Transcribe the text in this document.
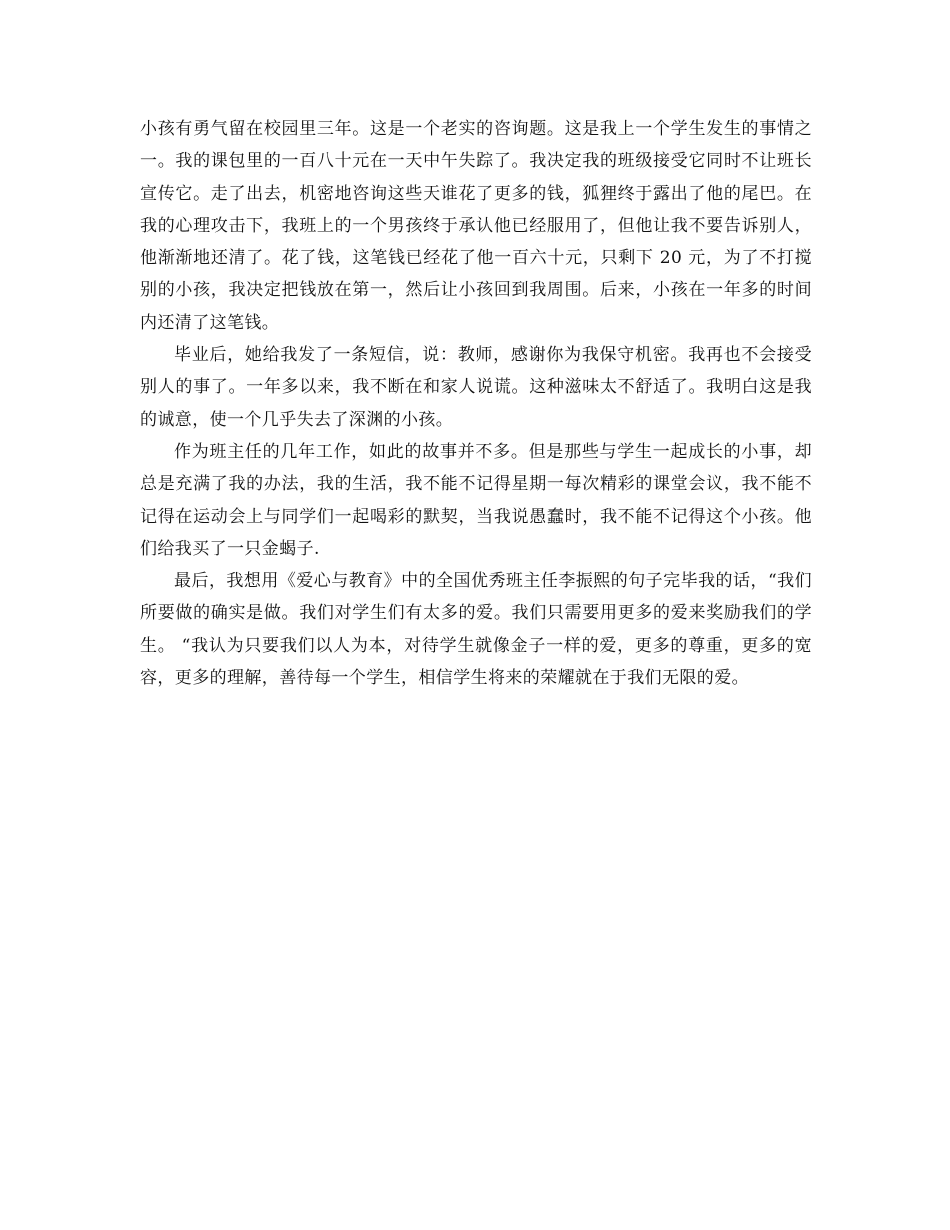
小孩有勇气留在校园里三年。这是一个老实的咨询题。这是我上一个学生发生的事情之一。我的课包里的一百八十元在一天中午失踪了。我决定我的班级接受它同时不让班长宣传它。走了出去，机密地咨询这些天谁花了更多的钱，狐狸终于露出了他的尾巴。在我的心理攻击下，我班上的一个男孩终于承认他已经服用了，但他让我不要告诉别人，他渐渐地还清了。花了钱，这笔钱已经花了他一百六十元，只剩下 20 元，为了不打搅别的小孩，我决定把钱放在第一，然后让小孩回到我周围。后来，小孩在一年多的时间内还清了这笔钱。

毕业后，她给我发了一条短信，说：教师，感谢你为我保守机密。我再也不会接受别人的事了。一年多以来，我不断在和家人说谎。这种滋味太不舒适了。我明白这是我的诚意，使一个几乎失去了深渊的小孩。

作为班主任的几年工作，如此的故事并不多。但是那些与学生一起成长的小事，却总是充满了我的办法，我的生活，我不能不记得星期一每次精彩的课堂会议，我不能不记得在运动会上与同学们一起喝彩的默契，当我说愚蠢时，我不能不记得这个小孩。他们给我买了一只金蝎子.

最后，我想用《爱心与教育》中的全国优秀班主任李振熙的句子完毕我的话，“我们所要做的确实是做。我们对学生们有太多的爱。我们只需要用更多的爱来奖励我们的学生。 “我认为只要我们以人为本，对待学生就像金子一样的爱，更多的尊重，更多的宽容，更多的理解，善待每一个学生，相信学生将来的荣耀就在于我们无限的爱。
